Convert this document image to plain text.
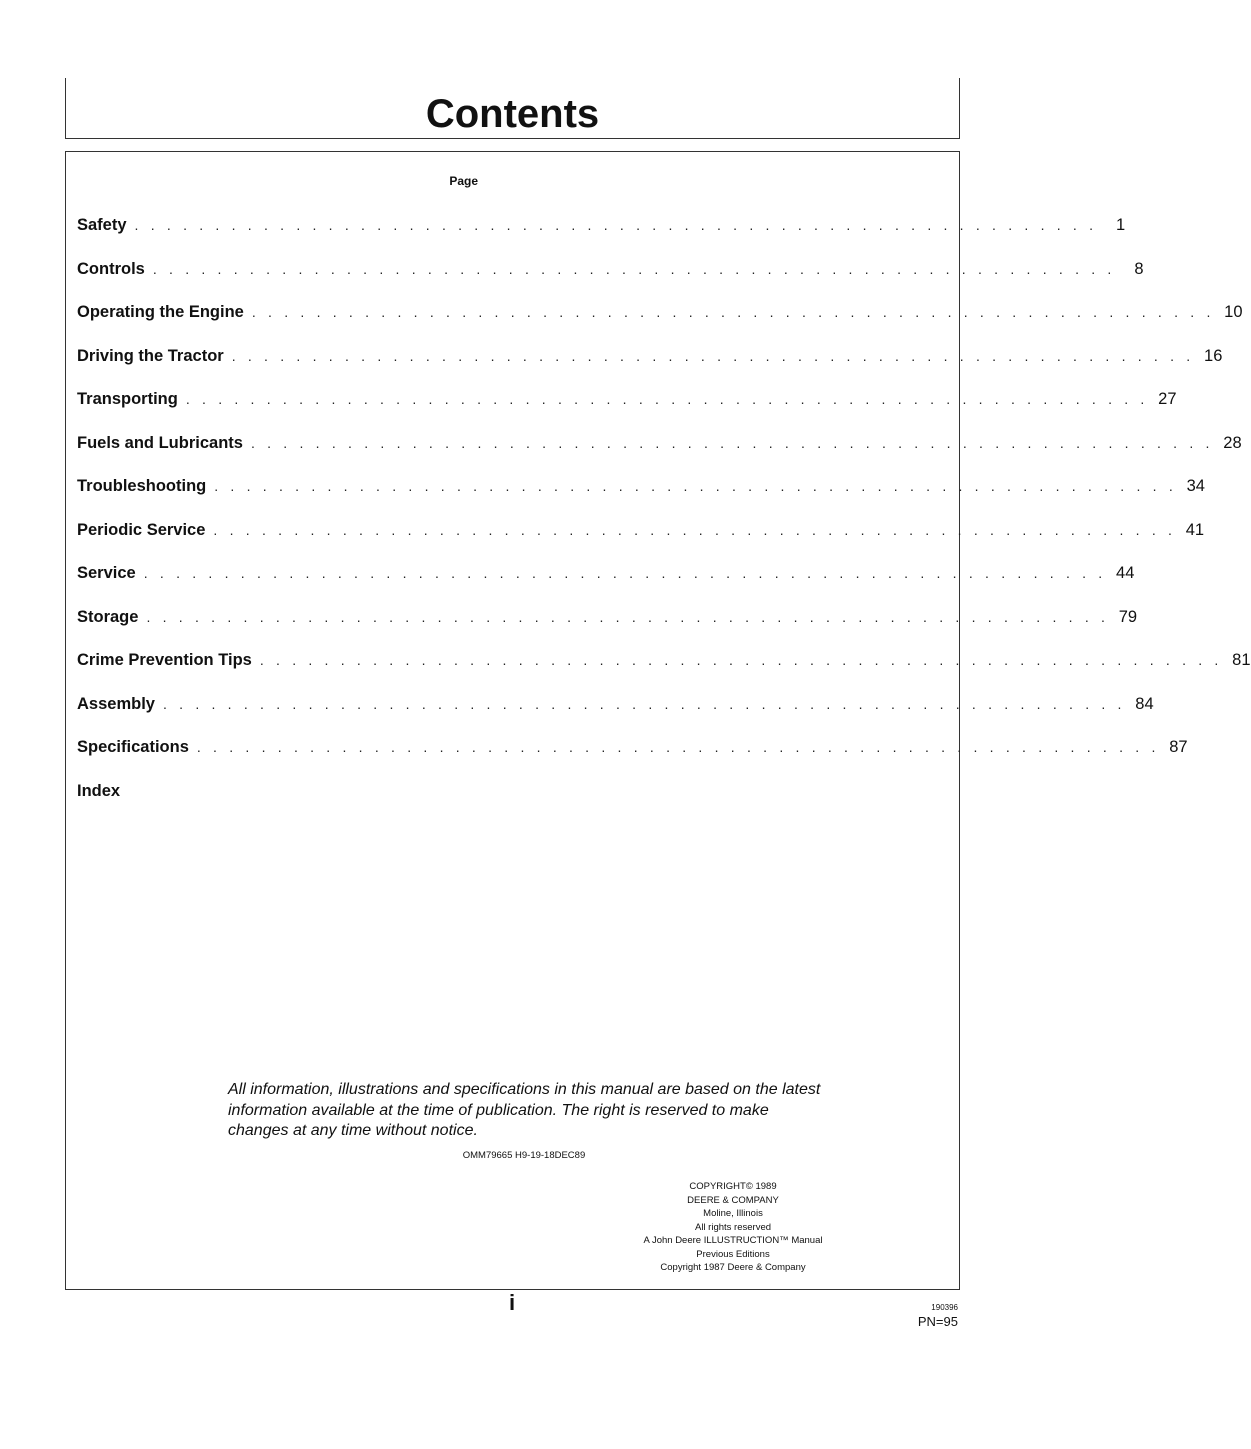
Contents
Page
Safety . . . . . . . . . . . . . . . . . . . . . . . . . . . . . . . . . . . . . . . . . . . . . . . . . . . . . . . . . . . .	1
Controls . . . . . . . . . . . . . . . . . . . . . . . . . . . . . . . . . . . . . . . . . . . . . . . . . . . . . . . . . . . .	8
Operating the Engine . . . . . . . . . . . . . . . . . . . . . . . . . . . . . . . . . . . . . . . . . . . . . . . . . . . . . . . . . . . . 10
Driving the Tractor . . . . . . . . . . . . . . . . . . . . . . . . . . . . . . . . . . . . . . . . . . . . . . . . . . . . . . . . . . . . 16
Transporting . . . . . . . . . . . . . . . . . . . . . . . . . . . . . . . . . . . . . . . . . . . . . . . . . . . . . . . . . . . . 27
Fuels and Lubricants . . . . . . . . . . . . . . . . . . . . . . . . . . . . . . . . . . . . . . . . . . . . . . . . . . . . . . . . . . . . 28
Troubleshooting . . . . . . . . . . . . . . . . . . . . . . . . . . . . . . . . . . . . . . . . . . . . . . . . . . . . . . . . . . . . 34
Periodic Service . . . . . . . . . . . . . . . . . . . . . . . . . . . . . . . . . . . . . . . . . . . . . . . . . . . . . . . . . . . . 41
Service . . . . . . . . . . . . . . . . . . . . . . . . . . . . . . . . . . . . . . . . . . . . . . . . . . . . . . . . . . . . 44
Storage . . . . . . . . . . . . . . . . . . . . . . . . . . . . . . . . . . . . . . . . . . . . . . . . . . . . . . . . . . . . 79
Crime Prevention Tips . . . . . . . . . . . . . . . . . . . . . . . . . . . . . . . . . . . . . . . . . . . . . . . . . . . . . . . . . . . . 81
Assembly . . . . . . . . . . . . . . . . . . . . . . . . . . . . . . . . . . . . . . . . . . . . . . . . . . . . . . . . . . . . 84
Specifications . . . . . . . . . . . . . . . . . . . . . . . . . . . . . . . . . . . . . . . . . . . . . . . . . . . . . . . . . . . . 87
Index

All information, illustrations and specifications in this manual are based on the latest information available at the time of publication. The right is reserved to make changes at any time without notice.

OMM79665 H9-19-18DEC89
COPYRIGHT© 1989
DEERE & COMPANY
Moline, Illinois
All rights reserved
A John Deere ILLUSTRUCTION™ Manual
Previous Editions
Copyright 1987 Deere & Company
i	190396
PN=95
